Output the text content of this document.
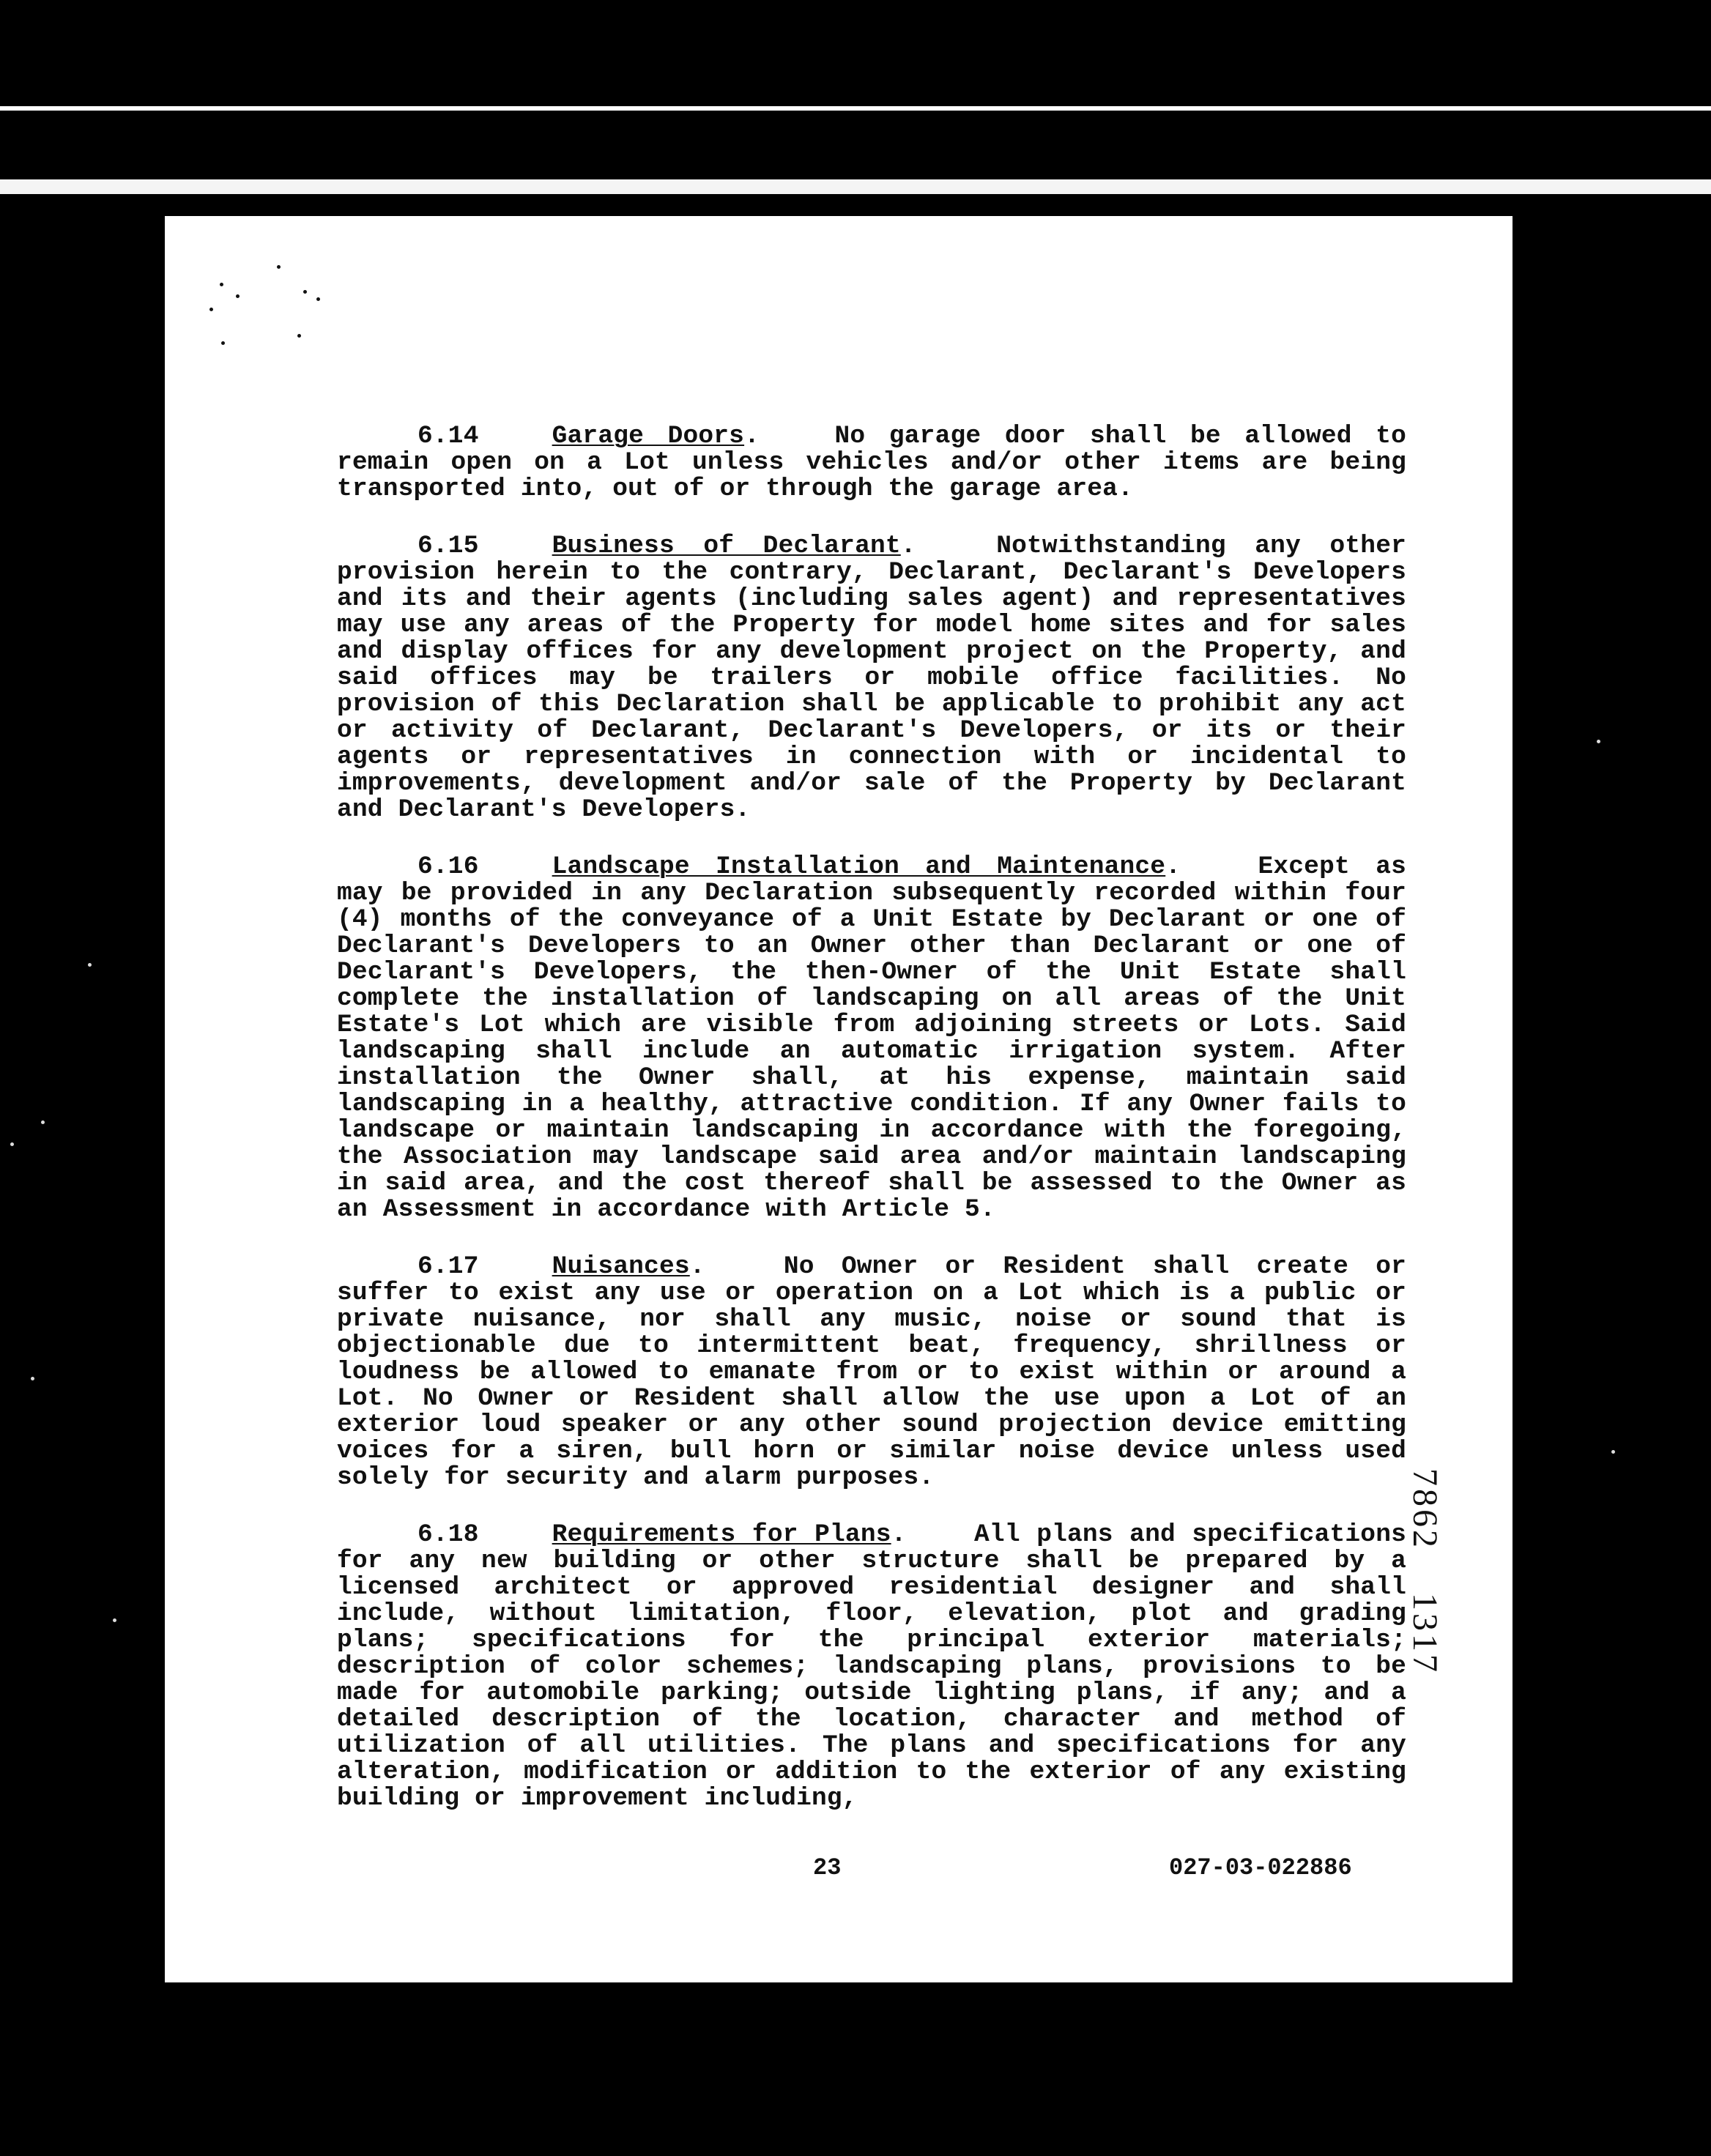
6.14	Garage Doors.	No garage door shall be allowed to remain open on a Lot unless vehicles and/or other items are being transported into, out of or through the garage area.

6.15	Business of Declarant.	Notwithstanding any other provision herein to the contrary, Declarant, Declarant's Developers and its and their agents (including sales agent) and representatives may use any areas of the Property for model home sites and for sales and display offices for any development project on the Property, and said offices may be trailers or mobile office facilities. No provision of this Declaration shall be applicable to prohibit any act or activity of Declarant, Declarant's Developers, or its or their agents or representatives in connection with or incidental to improvements, development and/or sale of the Property by Declarant and Declarant's Developers.

6.16	Landscape Installation and Maintenance.	Except as may be provided in any Declaration subsequently recorded within four (4) months of the conveyance of a Unit Estate by Declarant or one of Declarant's Developers to an Owner other than Declarant or one of Declarant's Developers, the then-Owner of the Unit Estate shall complete the installation of landscaping on all areas of the Unit Estate's Lot which are visible from adjoining streets or Lots. Said landscaping shall include an automatic irrigation system. After installation the Owner shall, at his expense, maintain said landscaping in a healthy, attractive condition. If any Owner fails to landscape or maintain landscaping in accordance with the foregoing, the Association may landscape said area and/or maintain landscaping in said area, and the cost thereof shall be assessed to the Owner as an Assessment in accordance with Article 5.

6.17	Nuisances.	No Owner or Resident shall create or suffer to exist any use or operation on a Lot which is a public or private nuisance, nor shall any music, noise or sound that is objectionable due to intermittent beat, frequency, shrillness or loudness be allowed to emanate from or to exist within or around a Lot. No Owner or Resident shall allow the use upon a Lot of an exterior loud speaker or any other sound projection device emitting voices for a siren, bull horn or similar noise device unless used solely for security and alarm purposes.

6.18	Requirements for Plans.	All plans and specifications for any new building or other structure shall be prepared by a licensed architect or approved residential designer and shall include, without limitation, floor, elevation, plot and grading plans; specifications for the principal exterior materials; description of color schemes; landscaping plans, provisions to be made for automobile parking; outside lighting plans, if any; and a detailed description of the location, character and method of utilization of all utilities. The plans and specifications for any alteration, modification or addition to the exterior of any existing building or improvement including,

7862 1317
23	027-03-022886
